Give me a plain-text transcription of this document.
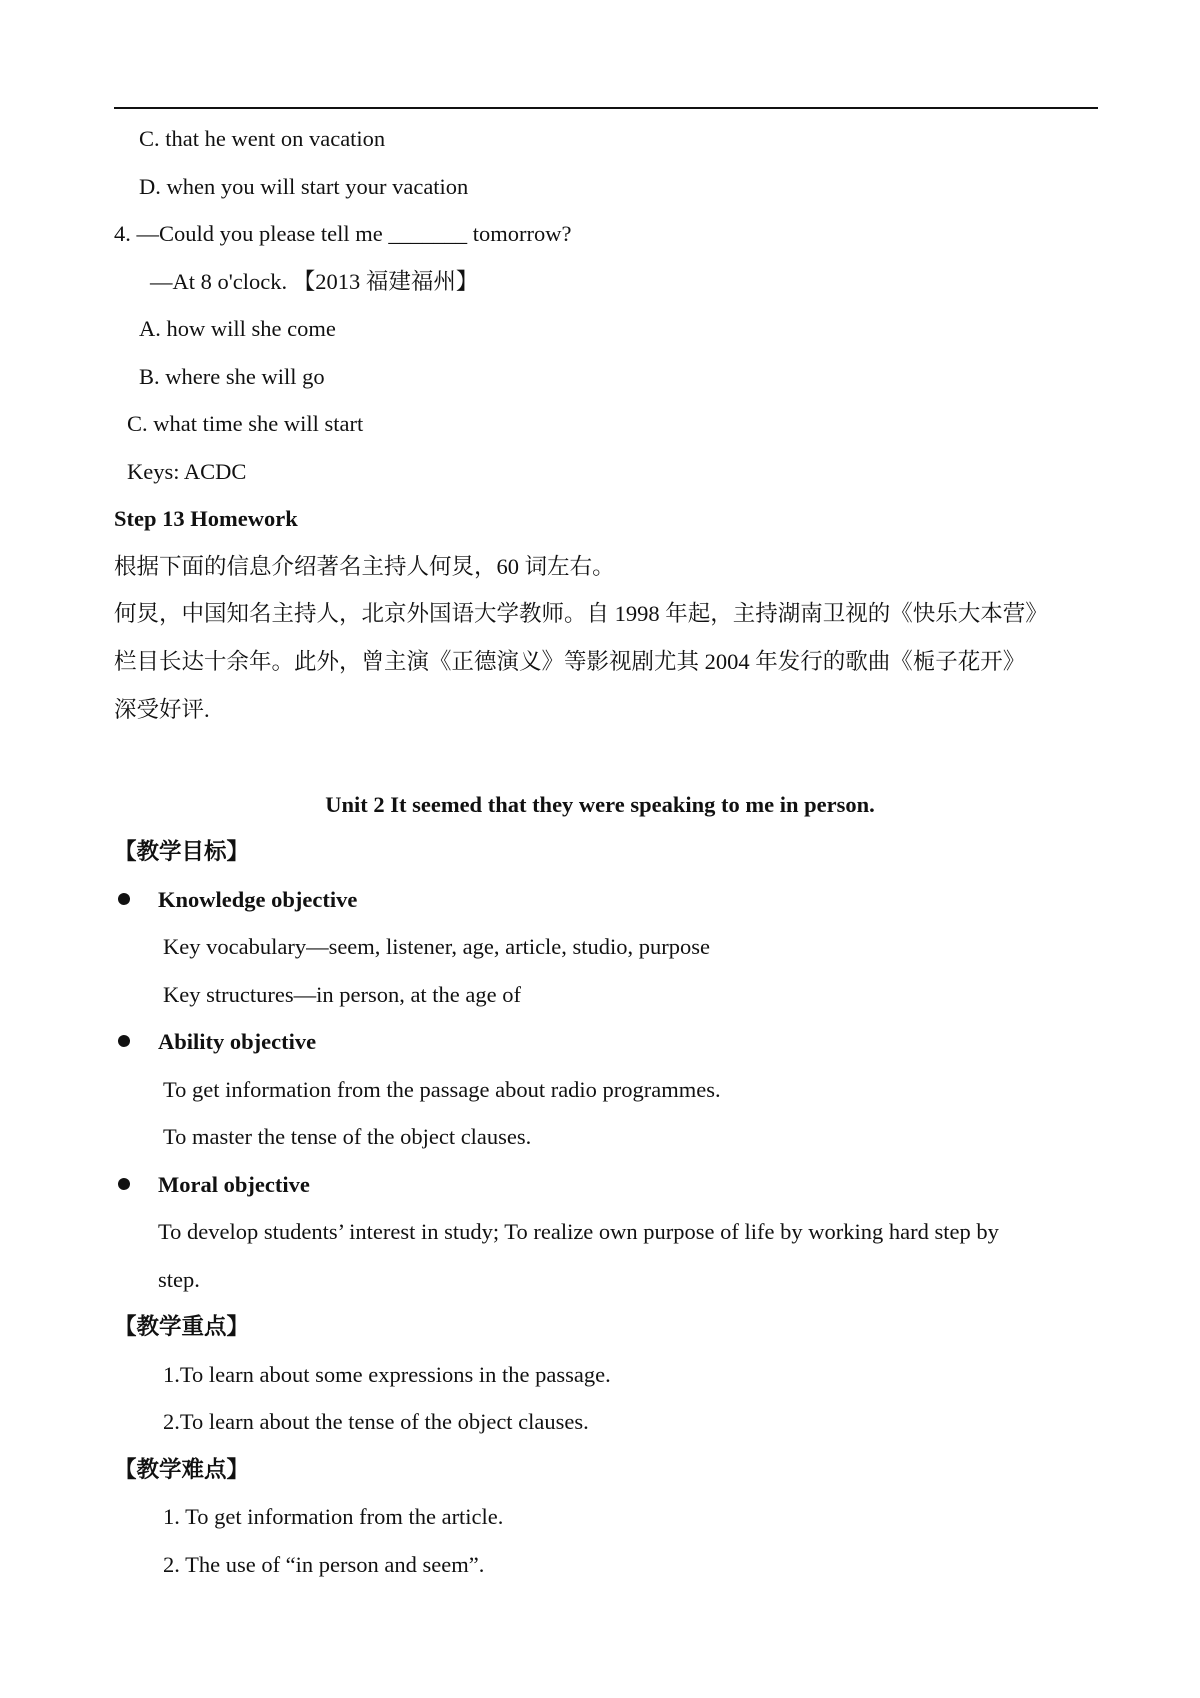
C. that he went on vacation
D. when you will start your vacation
4. —Could you please tell me _______ tomorrow?
—At 8 o'clock. 【2013 福建福州】
A. how will she come
B. where she will go
C. what time she will start
Keys: ACDC
Step 13 Homework
根据下面的信息介绍著名主持人何炅，60 词左右。
何炅，中国知名主持人，北京外国语大学教师。自 1998 年起，主持湖南卫视的《快乐大本营》
栏目长达十余年。此外，曾主演《正德演义》等影视剧尤其 2004 年发行的歌曲《栀子花开》
深受好评.
Unit 2 It seemed that they were speaking to me in person.
【教学目标】
Knowledge objective
Key vocabulary—seem, listener, age, article, studio, purpose
Key structures—in person, at the age of
Ability objective
To get information from the passage about radio programmes.
To master the tense of the object clauses.
Moral objective
To develop students’ interest in study; To realize own purpose of life by working hard step by
step.
【教学重点】
1.To learn about some expressions in the passage.
2.To learn about the tense of the object clauses.
【教学难点】
1. To get information from the article.
2. The use of “in person and seem”.
